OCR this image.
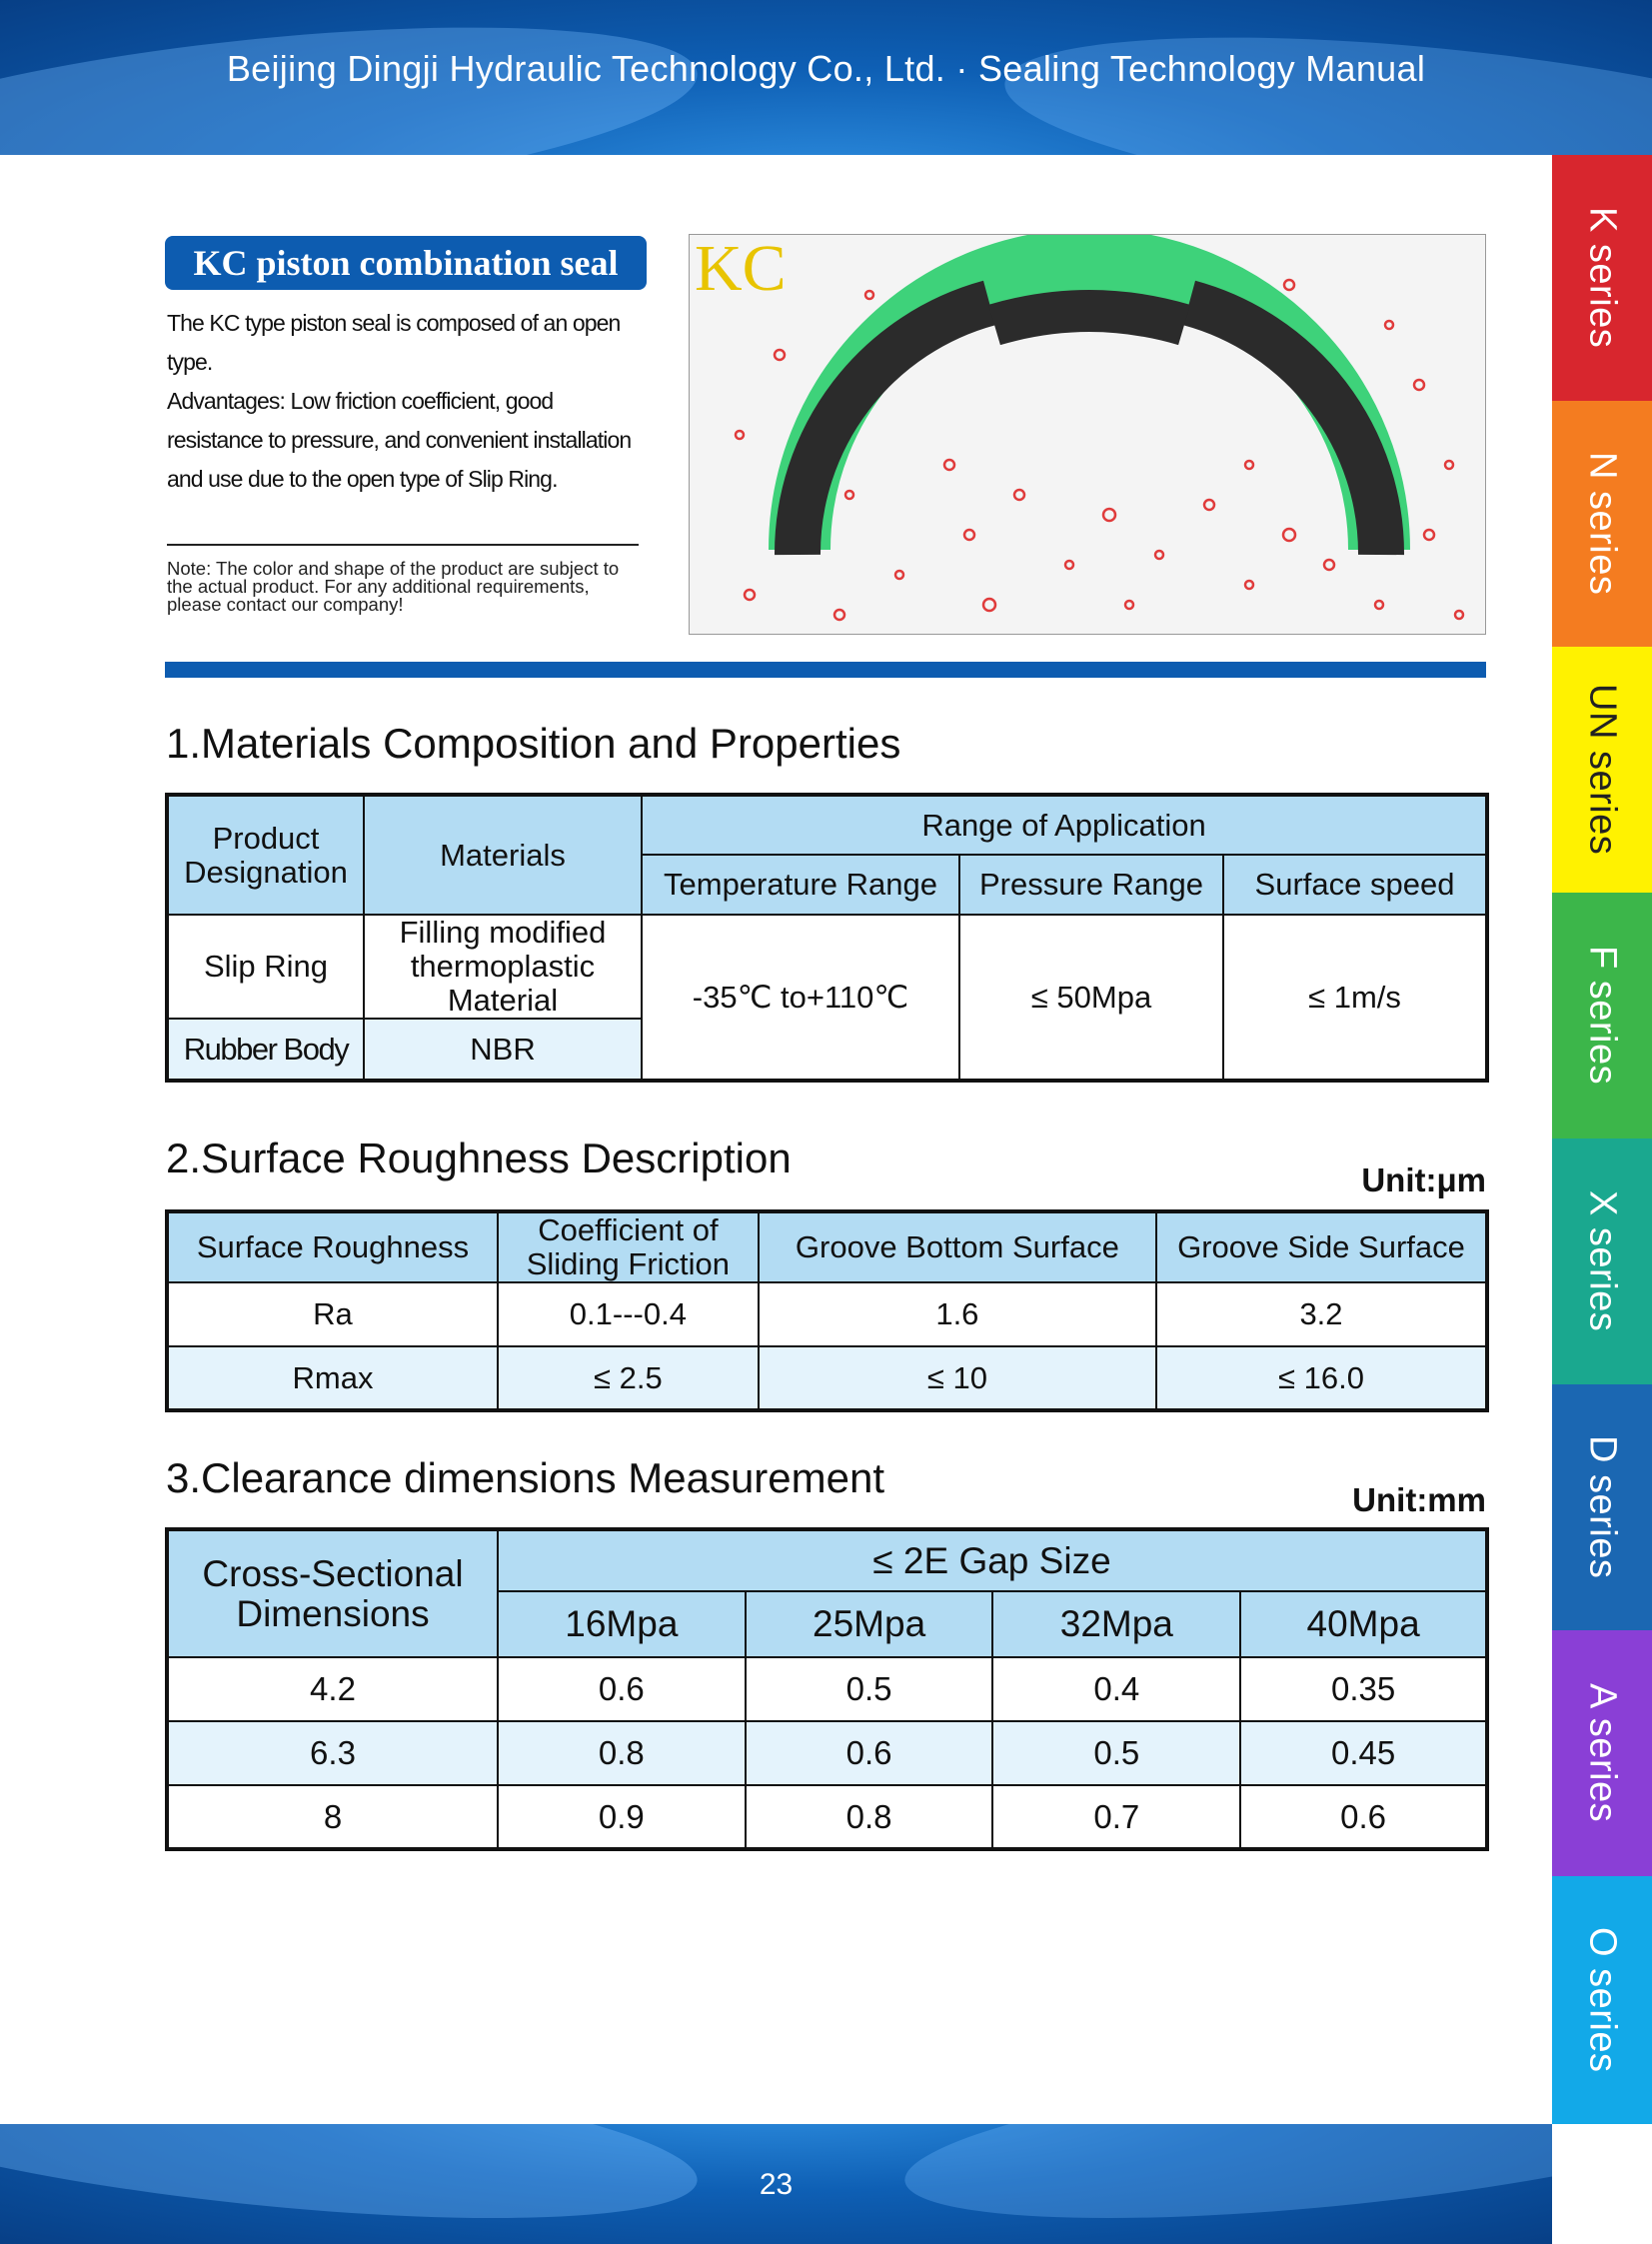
Beijing Dingji Hydraulic Technology Co., Ltd. · Sealing Technology Manual
K series
N series
UN series
F series
X series
D series
A series
O series
KC piston combination seal

The KC type piston seal is composed of an open type.

Advantages: Low friction coefficient, good resistance to pressure, and convenient installation and use due to the open type of Slip Ring.

Note: The color and shape of the product are subject to the actual product. For any additional requirements, please contact our company!
KC
1.Materials Composition and Properties
Product Designation	Materials	Range of Application		
		Temperature Range	Pressure Range	Surface speed
Slip Ring	Filling modified thermoplastic Material	-35℃ to+110℃	≤ 50Mpa	≤ 1m/s
Rubber Body	NBR			
2.Surface Roughness Description	Unit:μm
Surface Roughness	Coefficient of Sliding Friction	Groove Bottom Surface	Groove Side Surface
Ra	0.1---0.4	1.6	3.2
Rmax	≤ 2.5	≤ 10	≤ 16.0
3.Clearance dimensions Measurement	Unit:mm
Cross-Sectional Dimensions	≤ 2E Gap Size			
	16Mpa	25Mpa	32Mpa	40Mpa
4.2	0.6	0.5	0.4	0.35
6.3	0.8	0.6	0.5	0.45
8	0.9	0.8	0.7	0.6
23
